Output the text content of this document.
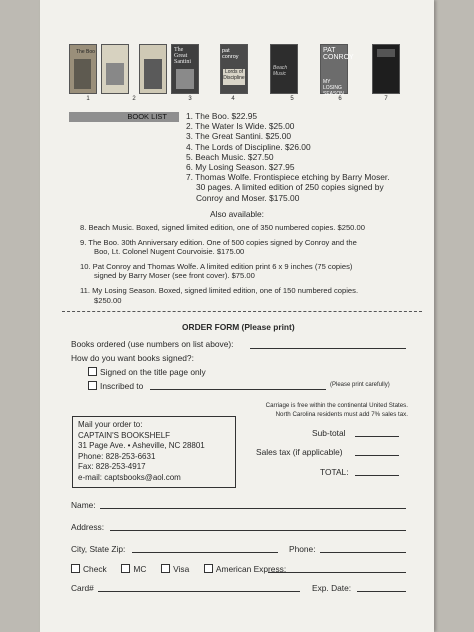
The Boo	The Great
Santini
pat conroy
Lords of
Discipline
Beach Music
PAT
CONROY
MY LOSING
SEASON
1	2	3	4	5	6	7
BOOK LIST 1. The Boo. $22.95
2. The Water Is Wide. $25.00
3. The Great Santini. $25.00
4. The Lords of Discipline. $26.00
5. Beach Music. $27.50
6. My Losing Season. $27.95
7. Thomas Wolfe. Frontispiece etching by Barry Moser.
30 pages. A limited edition of 250 copies signed by
Conroy and Moser. $175.00
Also available:
8. Beach Music. Boxed, signed limited edition, one of 350 numbered copies. $250.00
9. The Boo. 30th Anniversary edition. One of 500 copies signed by Conroy and the
Boo, Lt. Colonel Nugent Courvoisie. $175.00
10. Pat Conroy and Thomas Wolfe. A limited edition print 6 x 9 inches (75 copies)
signed by Barry Moser (see front cover). $75.00
11. My Losing Season. Boxed, signed limited edition, one of 150 numbered copies.
$250.00
ORDER FORM (Please print)
Books ordered (use numbers on list above):
How do you want books signed?:
Signed on the title page only
Inscribed to	(Please print carefully)
Carriage is free within the continental United States.
North Carolina residents must add 7% sales tax.
Mail your order to:
CAPTAIN'S BOOKSHELF
31 Page Ave. • Asheville, NC 28801
Phone: 828-253-6631
Fax: 828-253-4917
e-mail: captsbooks@aol.com
Sub-total
Sales tax (if applicable)
TOTAL:
Name:
Address:
City, State Zip:	Phone:
Check	MC	Visa	American Express:
Card#	Exp. Date:
